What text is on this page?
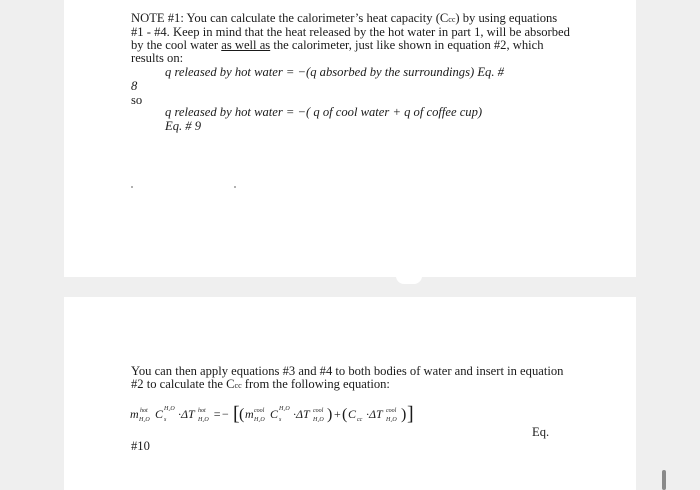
NOTE #1: You can calculate the calorimeter’s heat capacity (Ccc) by using equations #1 - #4. Keep in mind that the heat released by the hot water in part 1, will be absorbed by the cool water as well as the calorimeter, just like shown in equation #2, which results on:
q released by hot water = −(q absorbed by the surroundings) Eq. #
8
so
q released by hot water = −( q of cool water + q of coffee cup)
Eq. # 9
You can then apply equations #3 and #4 to both bodies of water and insert in equation #2 to calculate the Ccc from the following equation:
m hot
H₂O C H₂O
s ·ΔT hot
H₂O =− [ ( m cool
H₂O C H₂O
s ·ΔT cool
H₂O ) + ( C cc ·ΔT cool
H₂O ) ]
Eq.
#10
